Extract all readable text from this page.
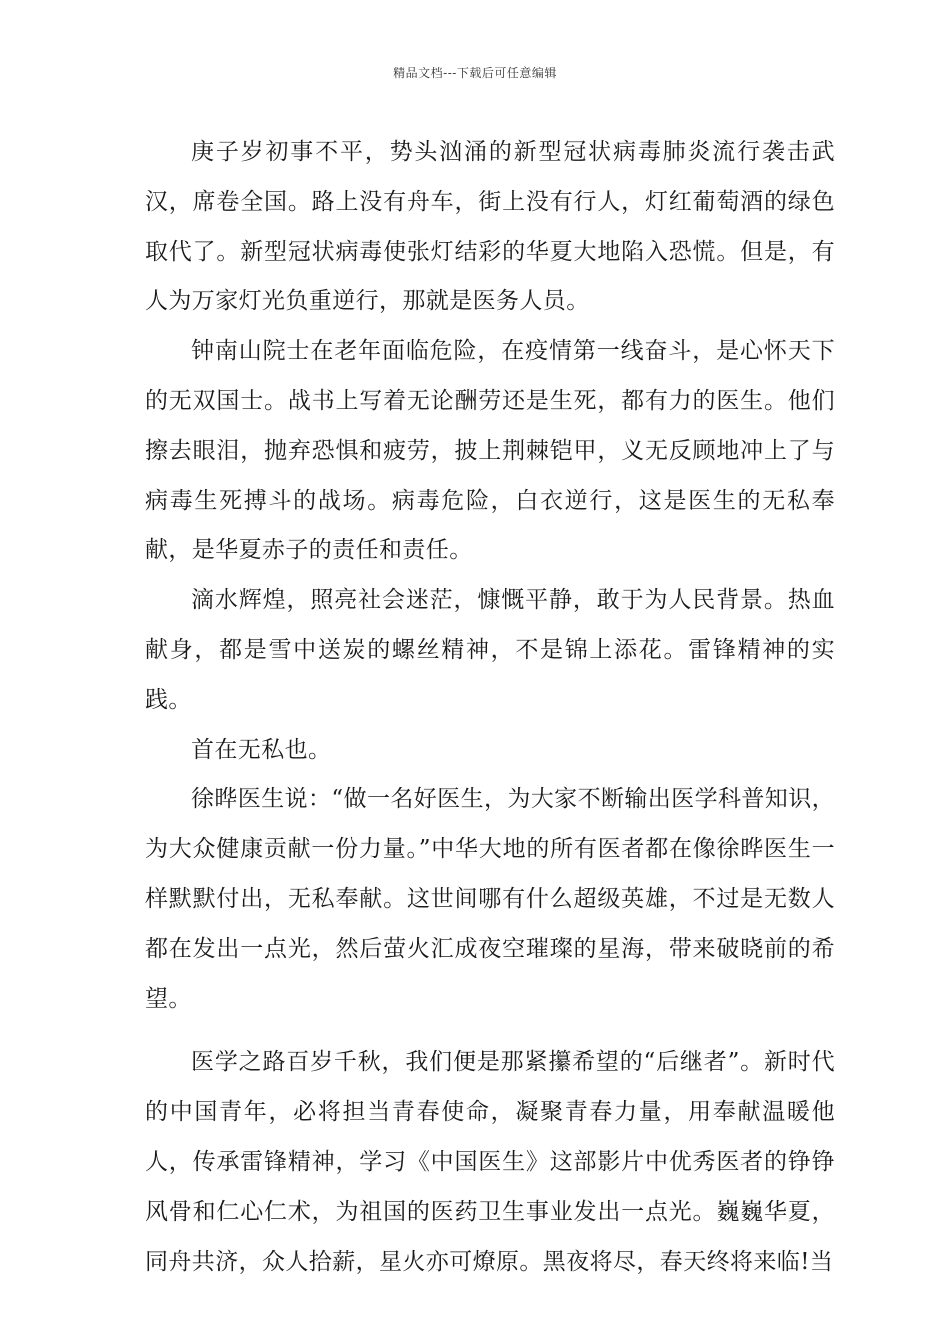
精品文档---下载后可任意编辑

庚子岁初事不平，势头汹涌的新型冠状病毒肺炎流行袭击武汉，席卷全国。路上没有舟车，街上没有行人，灯红葡萄酒的绿色取代了。新型冠状病毒使张灯结彩的华夏大地陷入恐慌。但是，有人为万家灯光负重逆行，那就是医务人员。

钟南山院士在老年面临危险，在疫情第一线奋斗，是心怀天下的无双国士。战书上写着无论酬劳还是生死，都有力的医生。他们擦去眼泪，抛弃恐惧和疲劳，披上荆棘铠甲，义无反顾地冲上了与病毒生死搏斗的战场。病毒危险，白衣逆行，这是医生的无私奉献，是华夏赤子的责任和责任。

滴水辉煌，照亮社会迷茫，慷慨平静，敢于为人民背景。热血献身，都是雪中送炭的螺丝精神，不是锦上添花。雷锋精神的实践。

首在无私也。

徐晔医生说：“做一名好医生，为大家不断输出医学科普知识，为大众健康贡献一份力量。”中华大地的所有医者都在像徐晔医生一样默默付出，无私奉献。这世间哪有什么超级英雄，不过是无数人都在发出一点光，然后萤火汇成夜空璀璨的星海，带来破晓前的希望。

医学之路百岁千秋，我们便是那紧攥希望的“后继者”。新时代的中国青年，必将担当青春使命，凝聚青春力量，用奉献温暖他人，传承雷锋精神，学习《中国医生》这部影片中优秀医者的铮铮风骨和仁心仁术，为祖国的医药卫生事业发出一点光。巍巍华夏，同舟共济，众人拾薪，星火亦可燎原。黑夜将尽，春天终将来临!当
